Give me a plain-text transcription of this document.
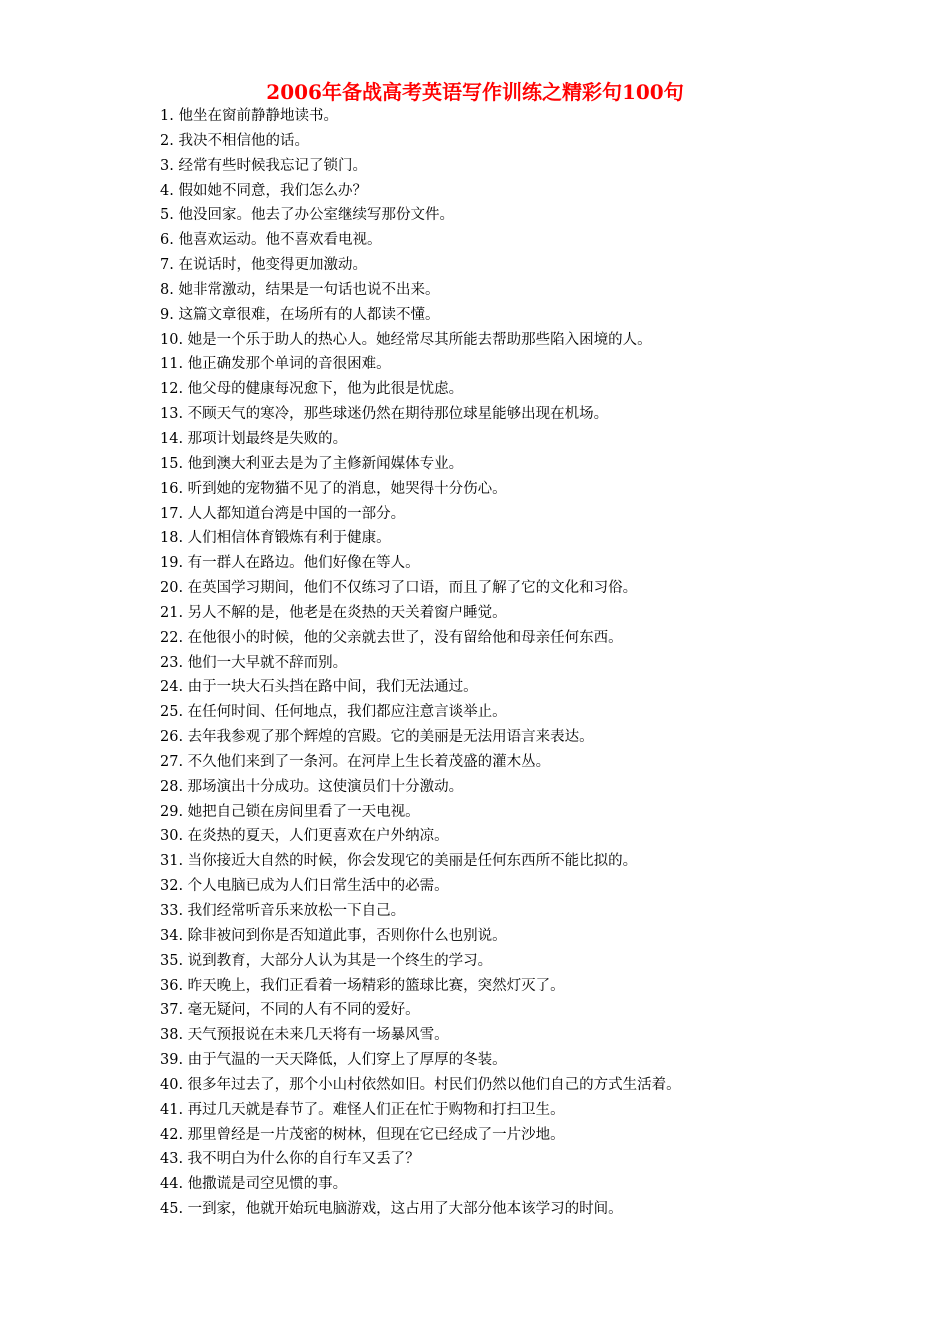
2006年备战高考英语写作训练之精彩句100句
1. 他坐在窗前静静地读书。
2. 我决不相信他的话。
3. 经常有些时候我忘记了锁门。
4. 假如她不同意，我们怎么办？
5. 他没回家。他去了办公室继续写那份文件。
6. 他喜欢运动。他不喜欢看电视。
7. 在说话时，他变得更加激动。
8. 她非常激动，结果是一句话也说不出来。
9. 这篇文章很难，在场所有的人都读不懂。
10. 她是一个乐于助人的热心人。她经常尽其所能去帮助那些陷入困境的人。
11. 他正确发那个单词的音很困难。
12. 他父母的健康每况愈下，他为此很是忧虑。
13. 不顾天气的寒冷，那些球迷仍然在期待那位球星能够出现在机场。
14. 那项计划最终是失败的。
15. 他到澳大利亚去是为了主修新闻媒体专业。
16. 听到她的宠物猫不见了的消息，她哭得十分伤心。
17. 人人都知道台湾是中国的一部分。
18. 人们相信体育锻炼有利于健康。
19. 有一群人在路边。他们好像在等人。
20. 在英国学习期间，他们不仅练习了口语，而且了解了它的文化和习俗。
21. 另人不解的是，他老是在炎热的天关着窗户睡觉。
22. 在他很小的时候，他的父亲就去世了，没有留给他和母亲任何东西。
23. 他们一大早就不辞而别。
24. 由于一块大石头挡在路中间，我们无法通过。
25. 在任何时间、任何地点，我们都应注意言谈举止。
26. 去年我参观了那个辉煌的宫殿。它的美丽是无法用语言来表达。
27. 不久他们来到了一条河。在河岸上生长着茂盛的灌木丛。
28. 那场演出十分成功。这使演员们十分激动。
29. 她把自己锁在房间里看了一天电视。
30. 在炎热的夏天，人们更喜欢在户外纳凉。
31. 当你接近大自然的时候，你会发现它的美丽是任何东西所不能比拟的。
32. 个人电脑已成为人们日常生活中的必需。
33. 我们经常听音乐来放松一下自己。
34. 除非被问到你是否知道此事，否则你什么也别说。
35. 说到教育，大部分人认为其是一个终生的学习。
36. 昨天晚上，我们正看着一场精彩的篮球比赛，突然灯灭了。
37. 毫无疑问，不同的人有不同的爱好。
38. 天气预报说在未来几天将有一场暴风雪。
39. 由于气温的一天天降低，人们穿上了厚厚的冬装。
40. 很多年过去了，那个小山村依然如旧。村民们仍然以他们自己的方式生活着。
41. 再过几天就是春节了。难怪人们正在忙于购物和打扫卫生。
42. 那里曾经是一片茂密的树林，但现在它已经成了一片沙地。
43. 我不明白为什么你的自行车又丢了？
44. 他撒谎是司空见惯的事。
45. 一到家，他就开始玩电脑游戏，这占用了大部分他本该学习的时间。
